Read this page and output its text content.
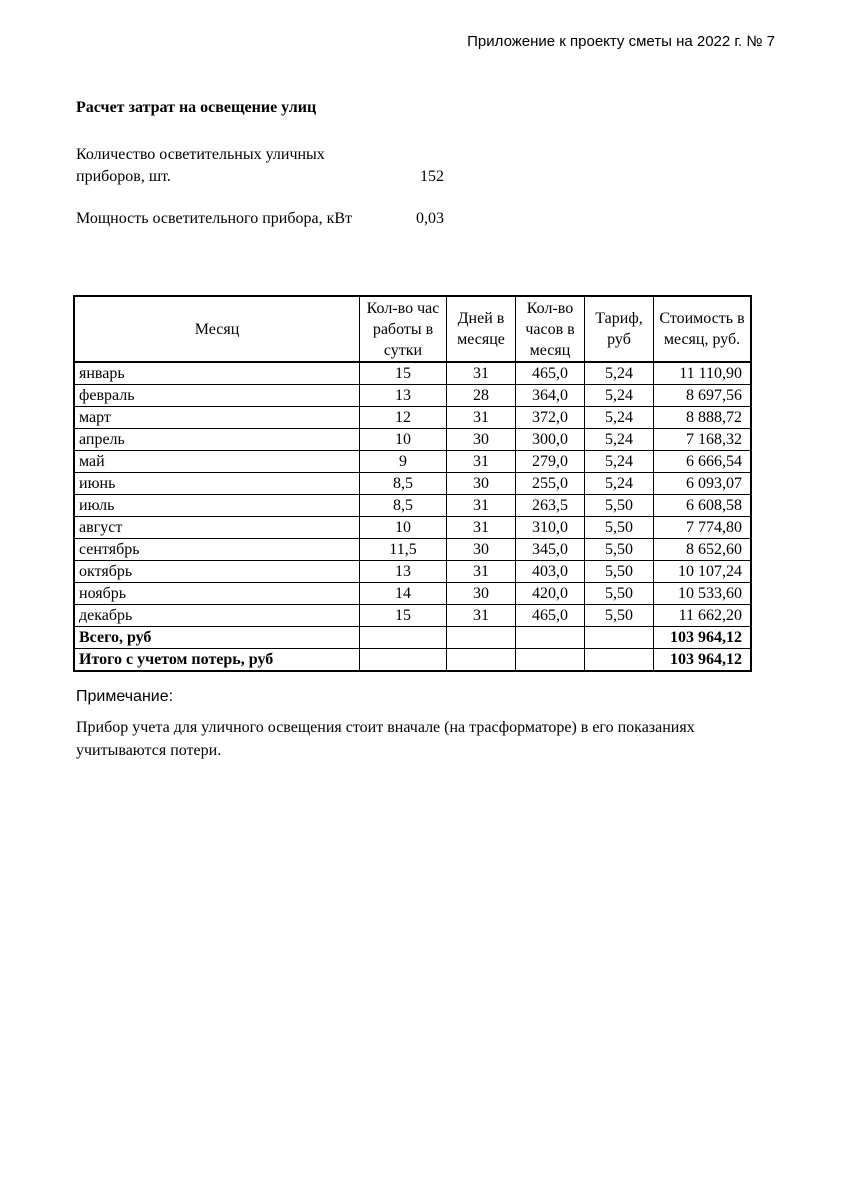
Приложение к проекту сметы на 2022 г. № 7
Расчет затрат на освещение улиц
Количество осветительных уличных приборов, шт.	152
Мощность осветительного прибора, кВт	0,03
Месяц	Кол-во час работы в сутки	Дней в месяце	Кол-во часов в месяц	Тариф, руб	Стоимость в месяц, руб.
январь	15	31	465,0	5,24	11 110,90
февраль	13	28	364,0	5,24	8 697,56
март	12	31	372,0	5,24	8 888,72
апрель	10	30	300,0	5,24	7 168,32
май	9	31	279,0	5,24	6 666,54
июнь	8,5	30	255,0	5,24	6 093,07
июль	8,5	31	263,5	5,50	6 608,58
август	10	31	310,0	5,50	7 774,80
сентябрь	11,5	30	345,0	5,50	8 652,60
октябрь	13	31	403,0	5,50	10 107,24
ноябрь	14	30	420,0	5,50	10 533,60
декабрь	15	31	465,0	5,50	11 662,20
Всего, руб					103 964,12
Итого с учетом потерь, руб					103 964,12
Примечание:
Прибор учета для уличного освещения стоит вначале (на трасформаторе) в его показаниях учитываются потери.
